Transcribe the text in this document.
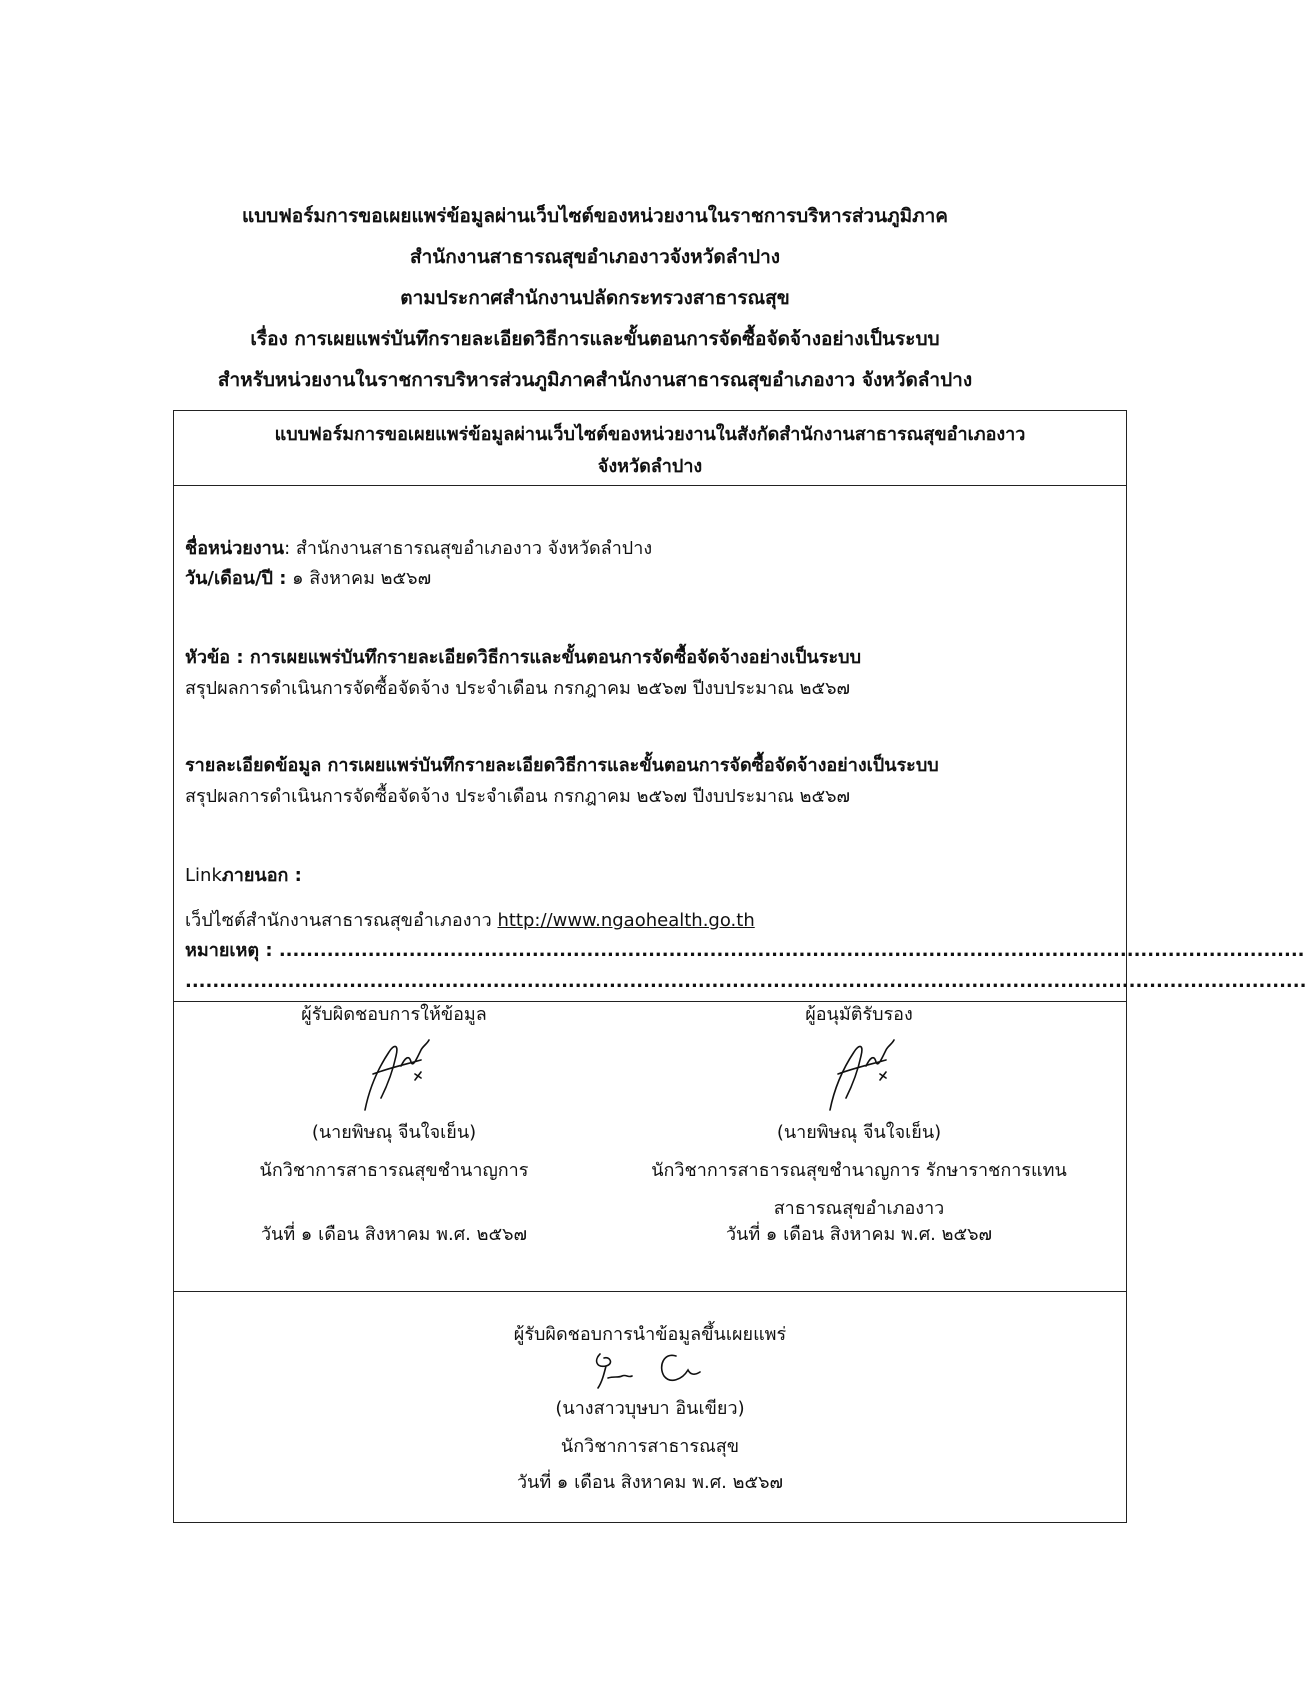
แบบฟอร์มการขอเผยแพร่ข้อมูลผ่านเว็บไซต์ของหน่วยงานในราชการบริหารส่วนภูมิภาค
สำนักงานสาธารณสุขอำเภองาวจังหวัดลำปาง
ตามประกาศสำนักงานปลัดกระทรวงสาธารณสุข
เรื่อง การเผยแพร่บันทึกรายละเอียดวิธีการและขั้นตอนการจัดซื้อจัดจ้างอย่างเป็นระบบ
สำหรับหน่วยงานในราชการบริหารส่วนภูมิภาคสำนักงานสาธารณสุขอำเภองาว จังหวัดลำปาง
แบบฟอร์มการขอเผยแพร่ข้อมูลผ่านเว็บไซต์ของหน่วยงานในสังกัดสำนักงานสาธารณสุขอำเภองาว
จังหวัดลำปาง
ชื่อหน่วยงาน: สำนักงานสาธารณสุขอำเภองาว จังหวัดลำปาง
วัน/เดือน/ปี : ๑ สิงหาคม ๒๕๖๗
หัวข้อ : การเผยแพร่บันทึกรายละเอียดวิธีการและขั้นตอนการจัดซื้อจัดจ้างอย่างเป็นระบบ
สรุปผลการดำเนินการจัดซื้อจัดจ้าง ประจำเดือน กรกฎาคม ๒๕๖๗ ปีงบประมาณ ๒๕๖๗
รายละเอียดข้อมูล การเผยแพร่บันทึกรายละเอียดวิธีการและขั้นตอนการจัดซื้อจัดจ้างอย่างเป็นระบบ
สรุปผลการดำเนินการจัดซื้อจัดจ้าง ประจำเดือน กรกฎาคม ๒๕๖๗ ปีงบประมาณ ๒๕๖๗
Linkภายนอก :
เว็ปไซต์สำนักงานสาธารณสุขอำเภองาว http://www.ngaohealth.go.th
หมายเหตุ : ......................................................................................................................................................
....................................................................................................................................................................
ผู้รับผิดชอบการให้ข้อมูล
(นายพิษณุ จีนใจเย็น)
นักวิชาการสาธารณสุขชำนาญการ
วันที่ ๑ เดือน สิงหาคม พ.ศ. ๒๕๖๗
ผู้อนุมัติรับรอง
(นายพิษณุ จีนใจเย็น)
นักวิชาการสาธารณสุขชำนาญการ รักษาราชการแทน
สาธารณสุขอำเภองาว
วันที่ ๑ เดือน สิงหาคม พ.ศ. ๒๕๖๗
ผู้รับผิดชอบการนำข้อมูลขึ้นเผยแพร่
(นางสาวบุษบา อินเขียว)
นักวิชาการสาธารณสุข
วันที่ ๑ เดือน สิงหาคม พ.ศ. ๒๕๖๗
